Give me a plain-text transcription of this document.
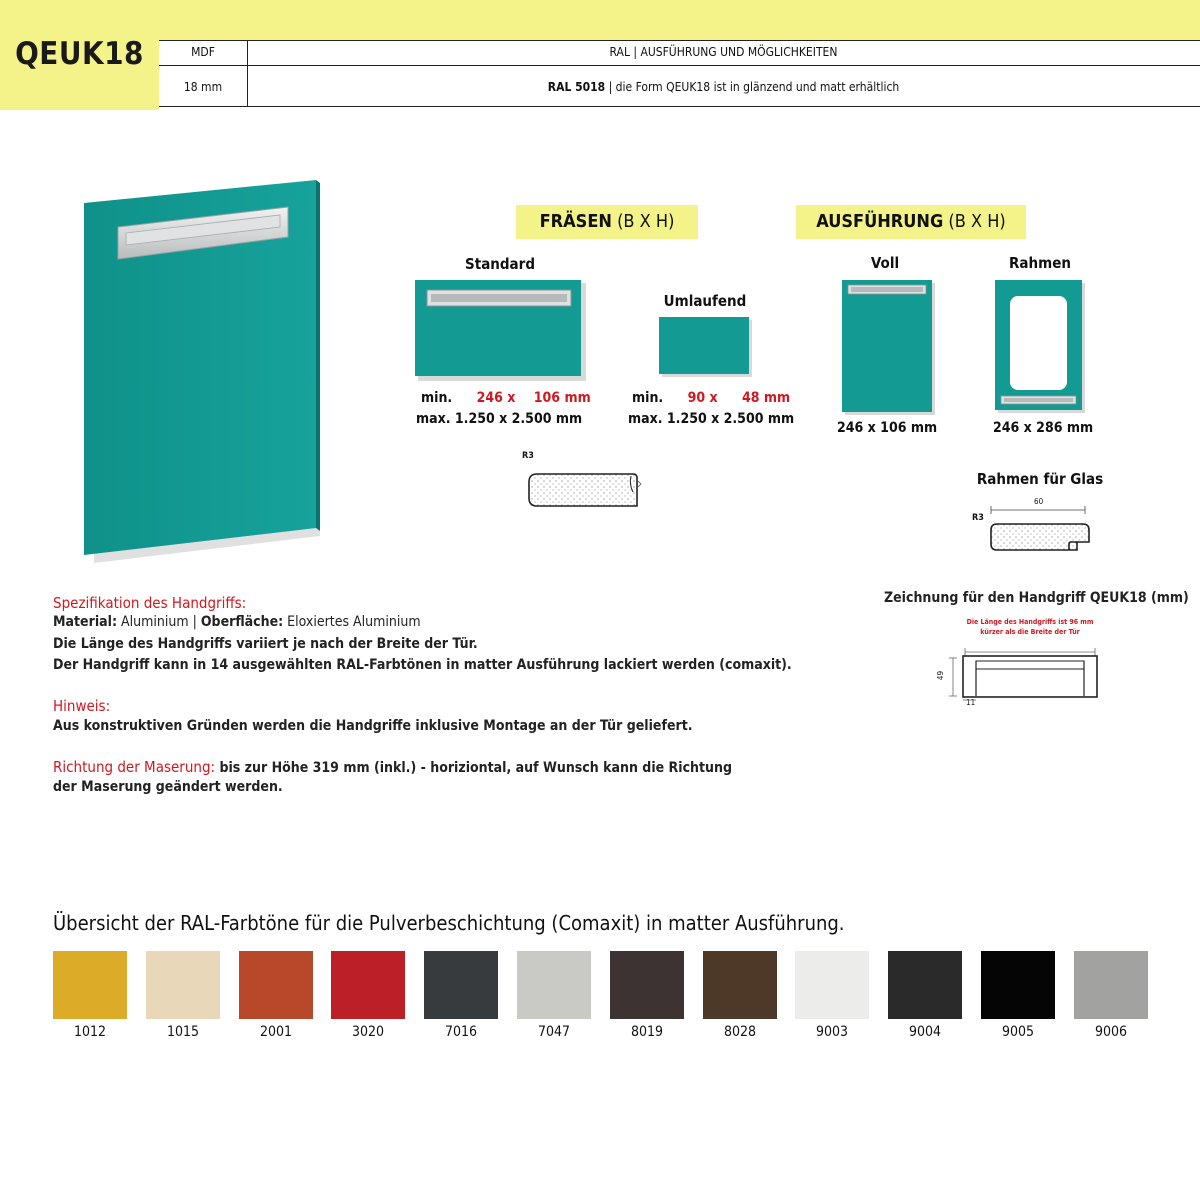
QEUK18	MDF	RAL | AUSFÜHRUNG UND MÖGLICHKEITEN
18 mm	RAL 5018 | die Form QEUK18 ist in glänzend und matt erhältlich
FRÄSEN (B X H)
Standard
min. 246 x 106 mm
max. 1.250 x 2.500 mm
Umlaufend
min. 90 x 48 mm
max. 1.250 x 2.500 mm
R3
AUSFÜHRUNG (B X H)
Voll
246 x 106 mm
Rahmen
246 x 286 mm
Rahmen für Glas
R3
60
Zeichnung für den Handgriff QEUK18 (mm)
Die Länge des Handgriffs ist 96 mm
kürzer als die Breite der Tür
49
11
Spezifikation des Handgriffs:
Material: Aluminium | Oberfläche: Eloxiertes Aluminium
Die Länge des Handgriffs variiert je nach der Breite der Tür.
Der Handgriff kann in 14 ausgewählten RAL-Farbtönen in matter Ausführung lackiert werden (comaxit).
Hinweis:
Aus konstruktiven Gründen werden die Handgriffe inklusive Montage an der Tür geliefert.
Richtung der Maserung: bis zur Höhe 319 mm (inkl.) - horiziontal, auf Wunsch kann die Richtung
der Maserung geändert werden.
Übersicht der RAL-Farbtöne für die Pulverbeschichtung (Comaxit) in matter Ausführung.
1012	1015	2001	3020	7016	7047	8019	8028	9003	9004	9005	9006
